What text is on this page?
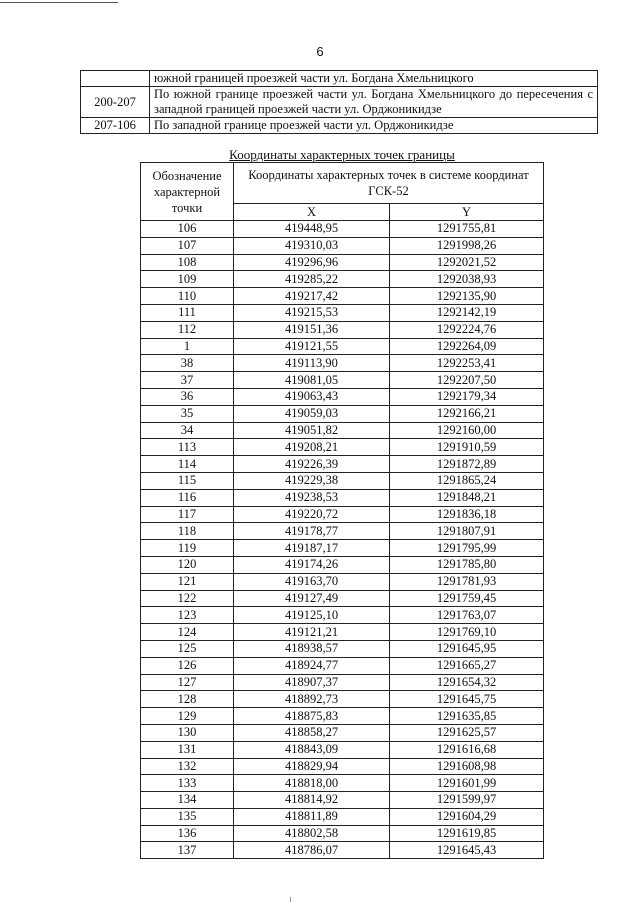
6
	южной границей проезжей части ул. Богдана Хмельницкого
200-207	По южной границе проезжей части ул. Богдана Хмельницкого до пересечения с западной границей проезжей части ул. Орджоникидзе
207-106	По западной границе проезжей части ул. Орджоникидзе
Координаты характерных точек границы
Обозначение характерной точки	Координаты характерных точек в системе координат ГСК-52	
	X	Y
106	419448,95	1291755,81
107	419310,03	1291998,26
108	419296,96	1292021,52
109	419285,22	1292038,93
110	419217,42	1292135,90
111	419215,53	1292142,19
112	419151,36	1292224,76
1	419121,55	1292264,09
38	419113,90	1292253,41
37	419081,05	1292207,50
36	419063,43	1292179,34
35	419059,03	1292166,21
34	419051,82	1292160,00
113	419208,21	1291910,59
114	419226,39	1291872,89
115	419229,38	1291865,24
116	419238,53	1291848,21
117	419220,72	1291836,18
118	419178,77	1291807,91
119	419187,17	1291795,99
120	419174,26	1291785,80
121	419163,70	1291781,93
122	419127,49	1291759,45
123	419125,10	1291763,07
124	419121,21	1291769,10
125	418938,57	1291645,95
126	418924,77	1291665,27
127	418907,37	1291654,32
128	418892,73	1291645,75
129	418875,83	1291635,85
130	418858,27	1291625,57
131	418843,09	1291616,68
132	418829,94	1291608,98
133	418818,00	1291601,99
134	418814,92	1291599,97
135	418811,89	1291604,29
136	418802,58	1291619,85
137	418786,07	1291645,43
